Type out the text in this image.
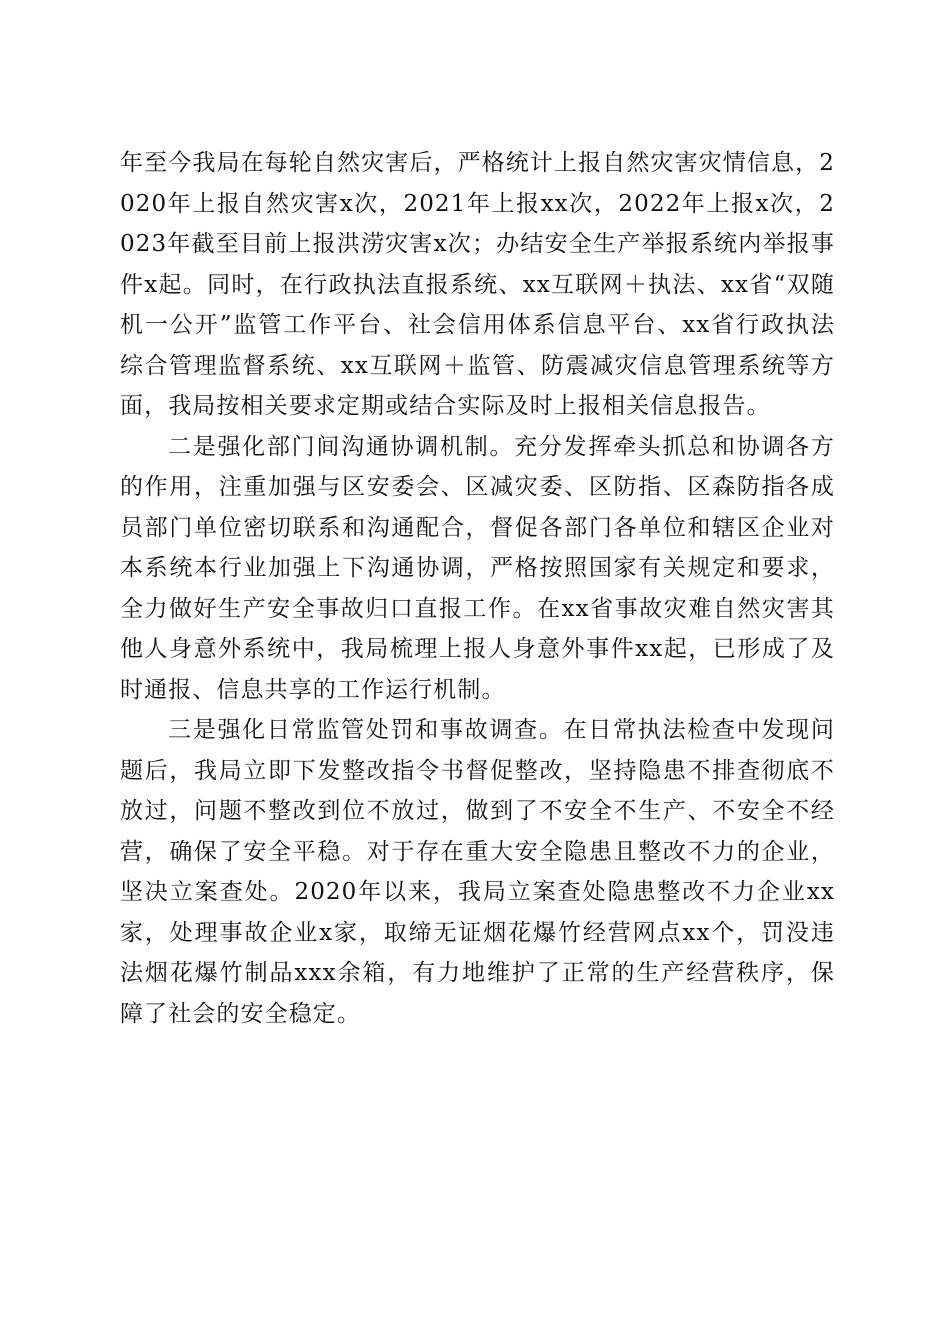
年至今我局在每轮自然灾害后，严格统计上报自然灾害灾情信息，2020年上报自然灾害x次，2021年上报xx次，2022年上报x次，2023年截至目前上报洪涝灾害x次；办结安全生产举报系统内举报事件x起。同时，在行政执法直报系统、xx互联网＋执法、xx省“双随机一公开”监管工作平台、社会信用体系信息平台、xx省行政执法综合管理监督系统、xx互联网＋监管、防震减灾信息管理系统等方面，我局按相关要求定期或结合实际及时上报相关信息报告。

二是强化部门间沟通协调机制。充分发挥牵头抓总和协调各方的作用，注重加强与区安委会、区减灾委、区防指、区森防指各成员部门单位密切联系和沟通配合，督促各部门各单位和辖区企业对本系统本行业加强上下沟通协调，严格按照国家有关规定和要求，全力做好生产安全事故归口直报工作。在xx省事故灾难自然灾害其他人身意外系统中，我局梳理上报人身意外事件xx起，已形成了及时通报、信息共享的工作运行机制。

三是强化日常监管处罚和事故调查。在日常执法检查中发现问题后，我局立即下发整改指令书督促整改，坚持隐患不排查彻底不放过，问题不整改到位不放过，做到了不安全不生产、不安全不经营，确保了安全平稳。对于存在重大安全隐患且整改不力的企业，坚决立案查处。2020年以来，我局立案查处隐患整改不力企业xx家，处理事故企业x家，取缔无证烟花爆竹经营网点xx个，罚没违法烟花爆竹制品xxx余箱，有力地维护了正常的生产经营秩序，保障了社会的安全稳定。
